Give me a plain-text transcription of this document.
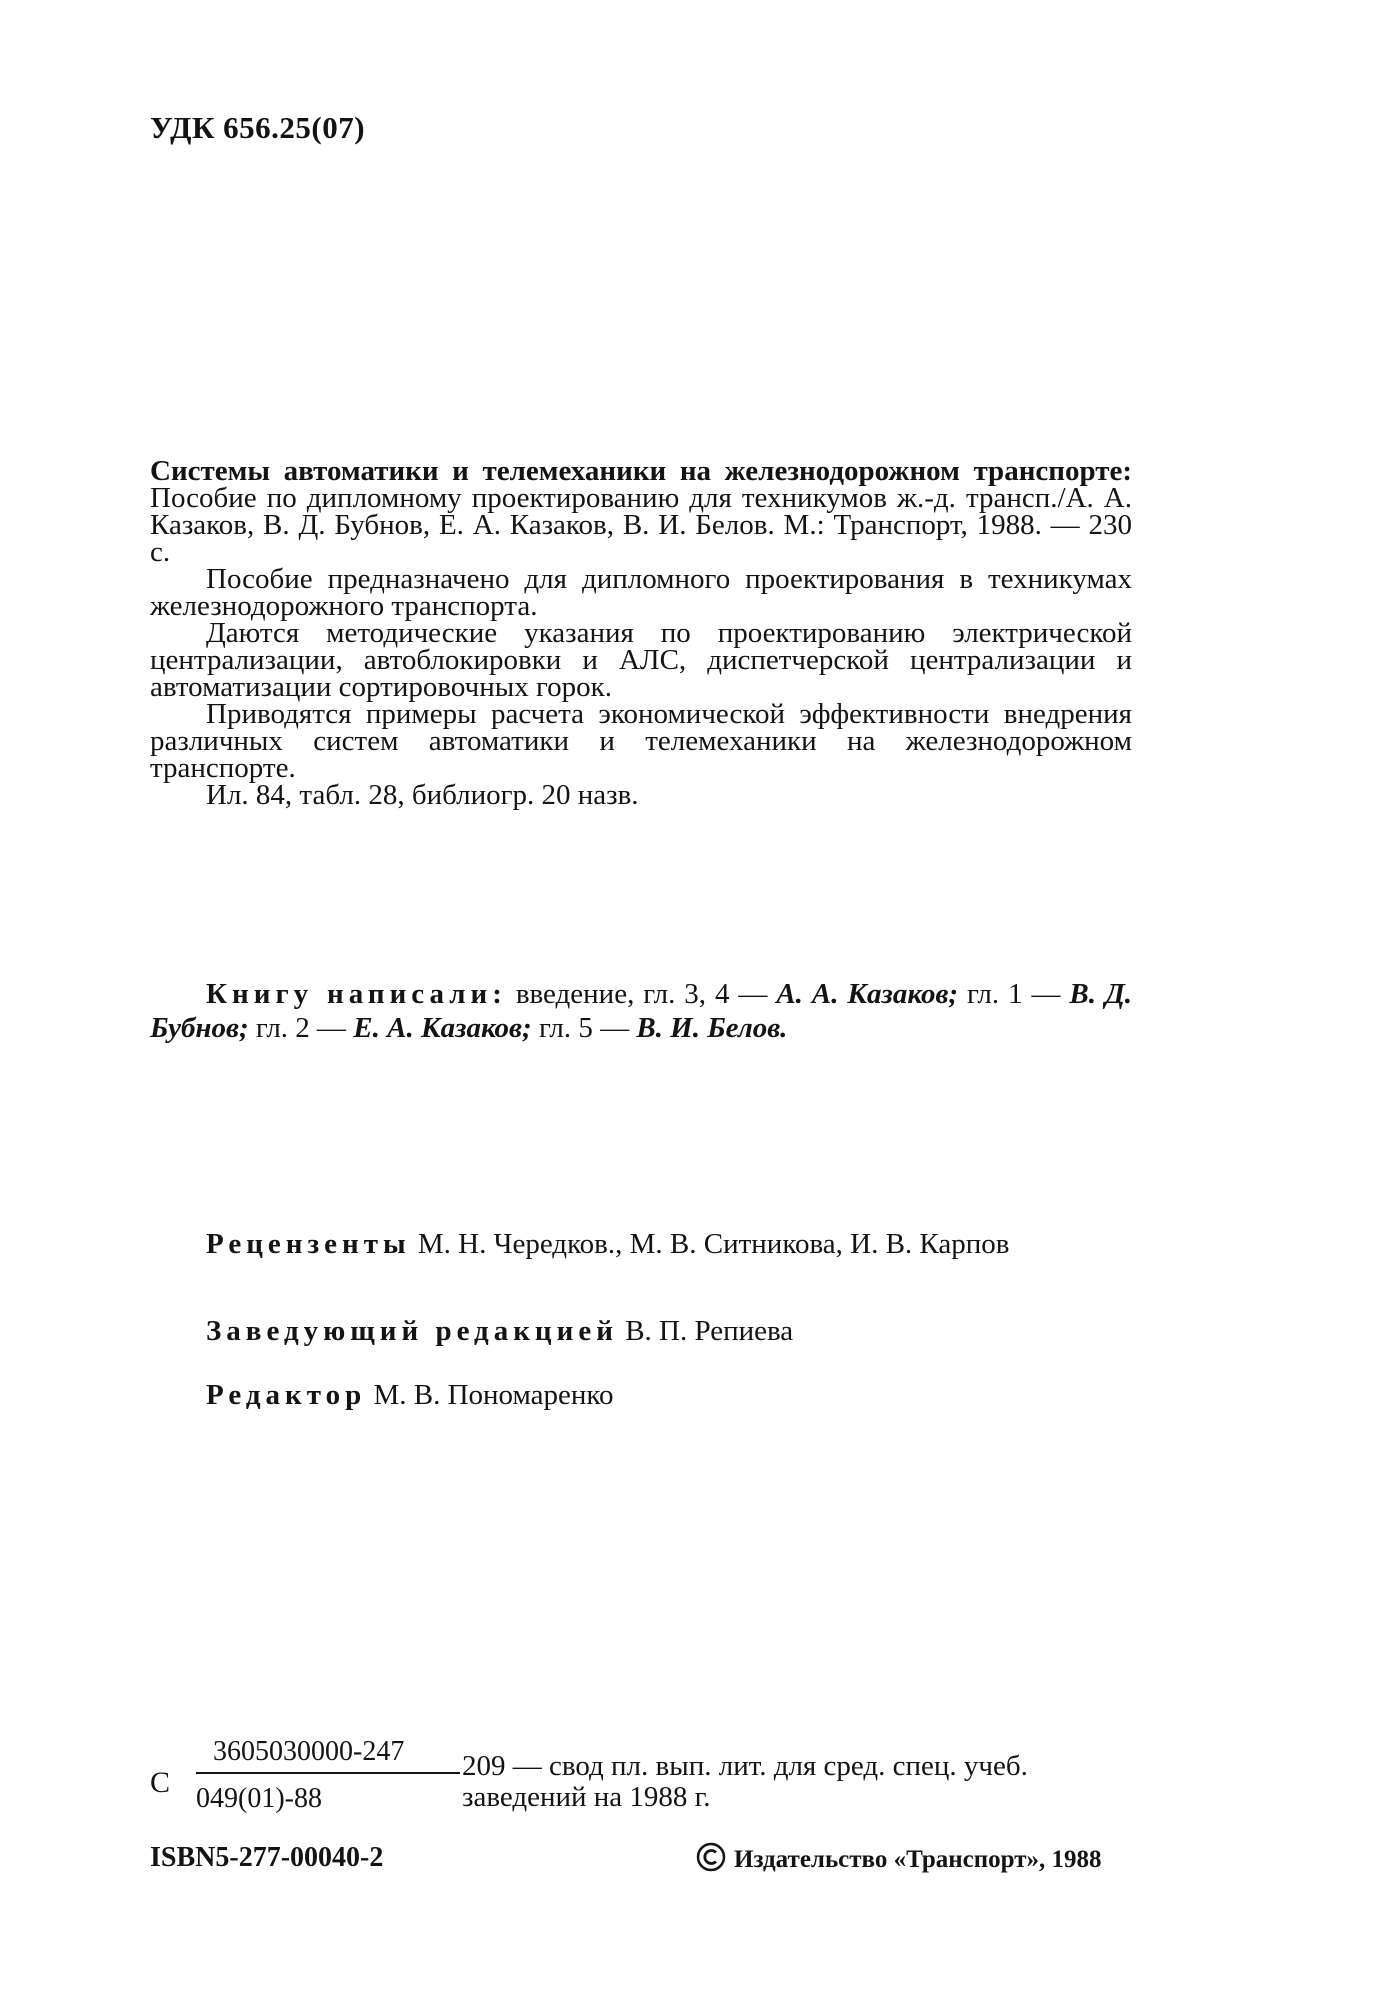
УДК 656.25(07)

Системы автоматики и телемеханики на железнодорожном транспорте: Пособие по дипломному проектированию для техникумов ж.-д. трансп./А. А. Казаков, В. Д. Бубнов, Е. А. Казаков, В. И. Белов. М.: Транспорт, 1988. — 230 с.

Пособие предназначено для дипломного проектирования в техникумах железнодорожного транспорта.

Даются методические указания по проектированию электрической централизации, автоблокировки и АЛС, диспетчерской централизации и автоматизации сортировочных горок.

Приводятся примеры расчета экономической эффективности внедрения различных систем автоматики и телемеханики на железнодорожном транспорте.

Ил. 84, табл. 28, библиогр. 20 назв.

Книгу написали: введение, гл. 3, 4 — А. А. Казаков; гл. 1 — В. Д. Бубнов; гл. 2 — Е. А. Казаков; гл. 5 — В. И. Белов.
Рецензенты М. Н. Чередков., М. В. Ситникова, И. В. Карпов
Заведующий редакцией В. П. Репиева
Редактор М. В. Пономаренко
С
3605030000-247
049(01)-88
209 — свод пл. вып. лит. для сред. спец. учеб.
заведений на 1988 г.
ISBN5-277-00040-2	Издательство «Транспорт», 1988
